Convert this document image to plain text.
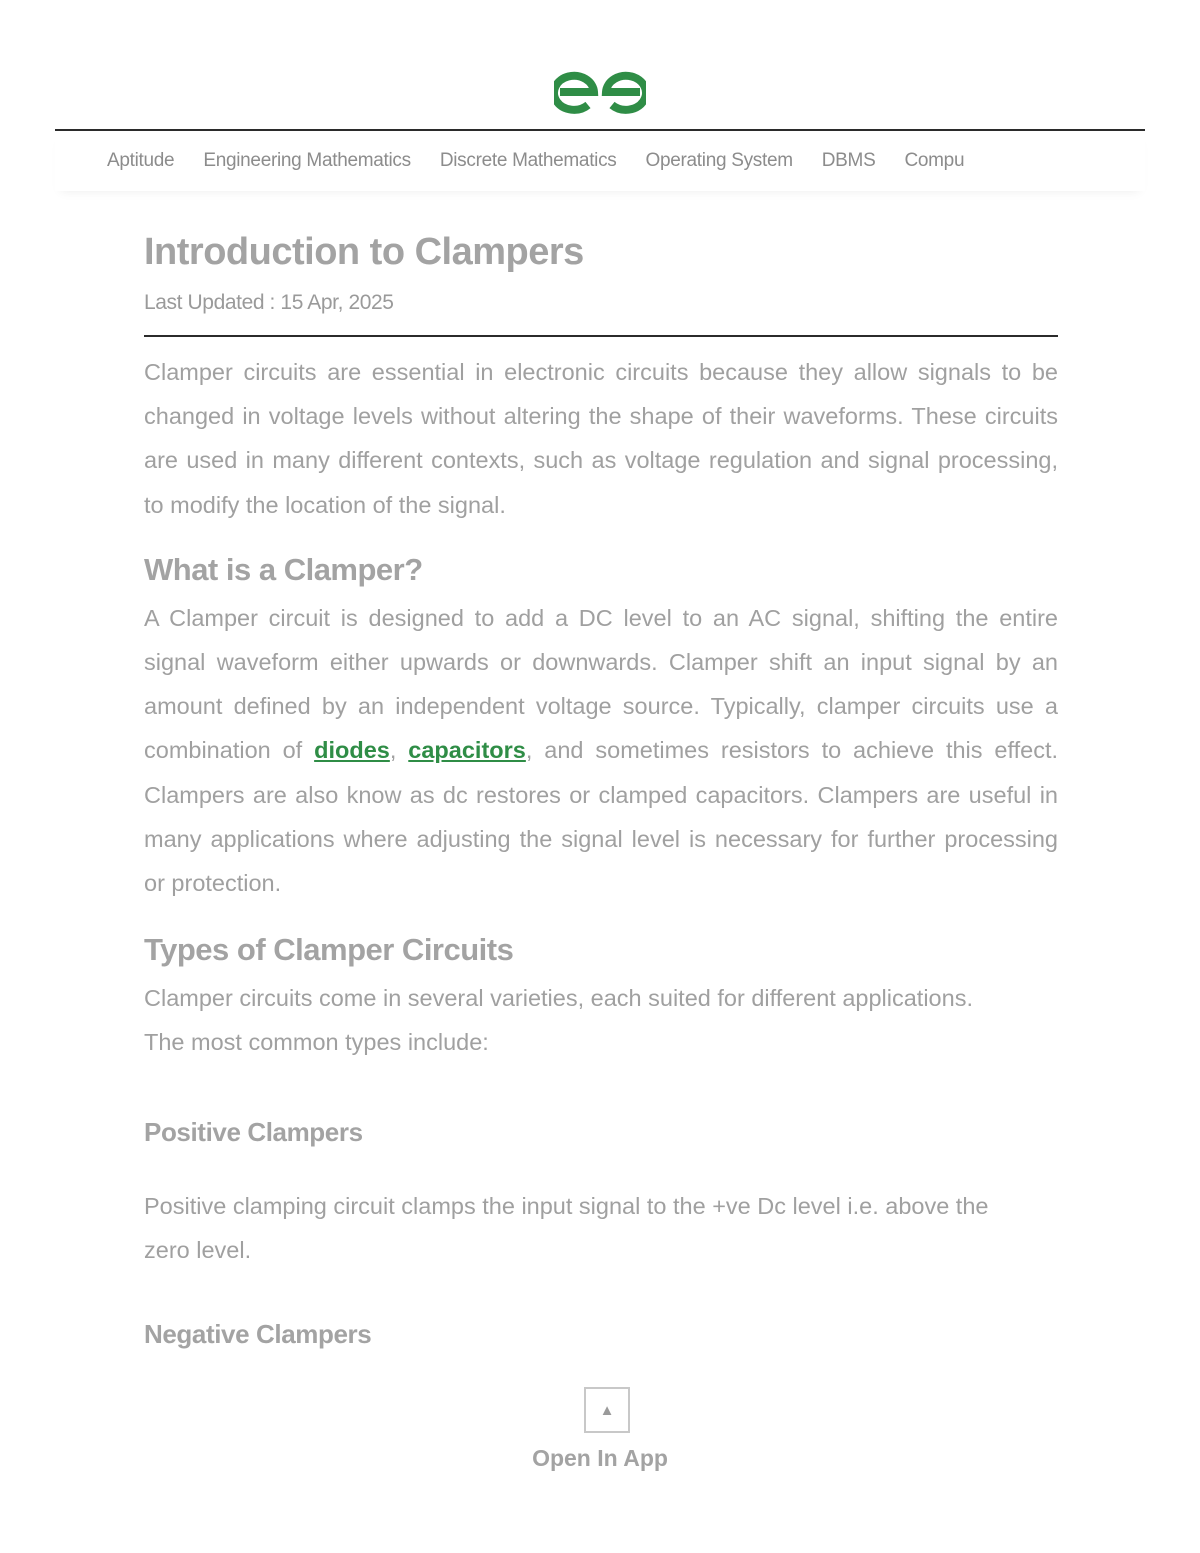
Aptitude Engineering Mathematics Discrete Mathematics Operating System DBMS Compu
Introduction to Clampers
Last Updated : 15 Apr, 2025

Clamper circuits are essential in electronic circuits because they allow signals to be changed in voltage levels without altering the shape of their waveforms. These circuits are used in many different contexts, such as voltage regulation and signal processing, to modify the location of the signal.

What is a Clamper?

A Clamper circuit is designed to add a DC level to an AC signal, shifting the entire signal waveform either upwards or downwards. Clamper shift an input signal by an amount defined by an independent voltage source. Typically, clamper circuits use a combination of diodes, capacitors, and sometimes resistors to achieve this effect. Clampers are also know as dc restores or clamped capacitors. Clampers are useful in many applications where adjusting the signal level is necessary for further processing or protection.

Types of Clamper Circuits

Clamper circuits come in several varieties, each suited for different applications. The most common types include:

Positive Clampers

Positive clamping circuit clamps the input signal to the +ve Dc level i.e. above the zero level.

Negative Clampers
▲
Open In App
